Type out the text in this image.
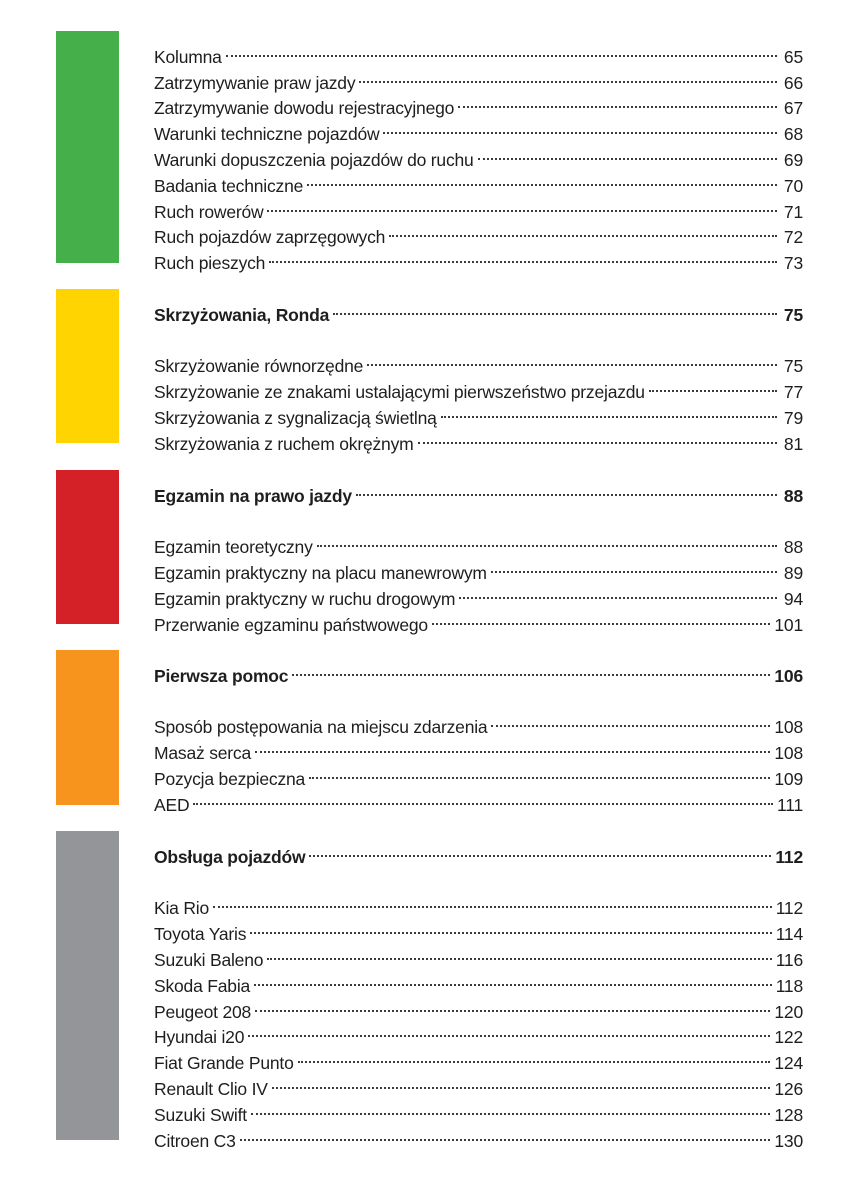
Kolumna	65
Zatrzymywanie praw jazdy	66
Zatrzymywanie dowodu rejestracyjnego	67
Warunki techniczne pojazdów	68
Warunki dopuszczenia pojazdów do ruchu	69
Badania techniczne	70
Ruch rowerów	71
Ruch pojazdów zaprzęgowych	72
Ruch pieszych	73
Skrzyżowania, Ronda	75
Skrzyżowanie równorzędne	75
Skrzyżowanie ze znakami ustalającymi pierwszeństwo przejazdu	77
Skrzyżowania z sygnalizacją świetlną	79
Skrzyżowania z ruchem okrężnym	81
Egzamin na prawo jazdy	88
Egzamin teoretyczny	88
Egzamin praktyczny na placu manewrowym	89
Egzamin praktyczny w ruchu drogowym	94
Przerwanie egzaminu państwowego	101
Pierwsza pomoc	106
Sposób postępowania na miejscu zdarzenia	108
Masaż serca	108
Pozycja bezpieczna	109
AED	111
Obsługa pojazdów	112
Kia Rio	112
Toyota Yaris	114
Suzuki Baleno	116
Skoda Fabia	118
Peugeot 208	120
Hyundai i20	122
Fiat Grande Punto	124
Renault Clio IV	126
Suzuki Swift	128
Citroen C3	130
